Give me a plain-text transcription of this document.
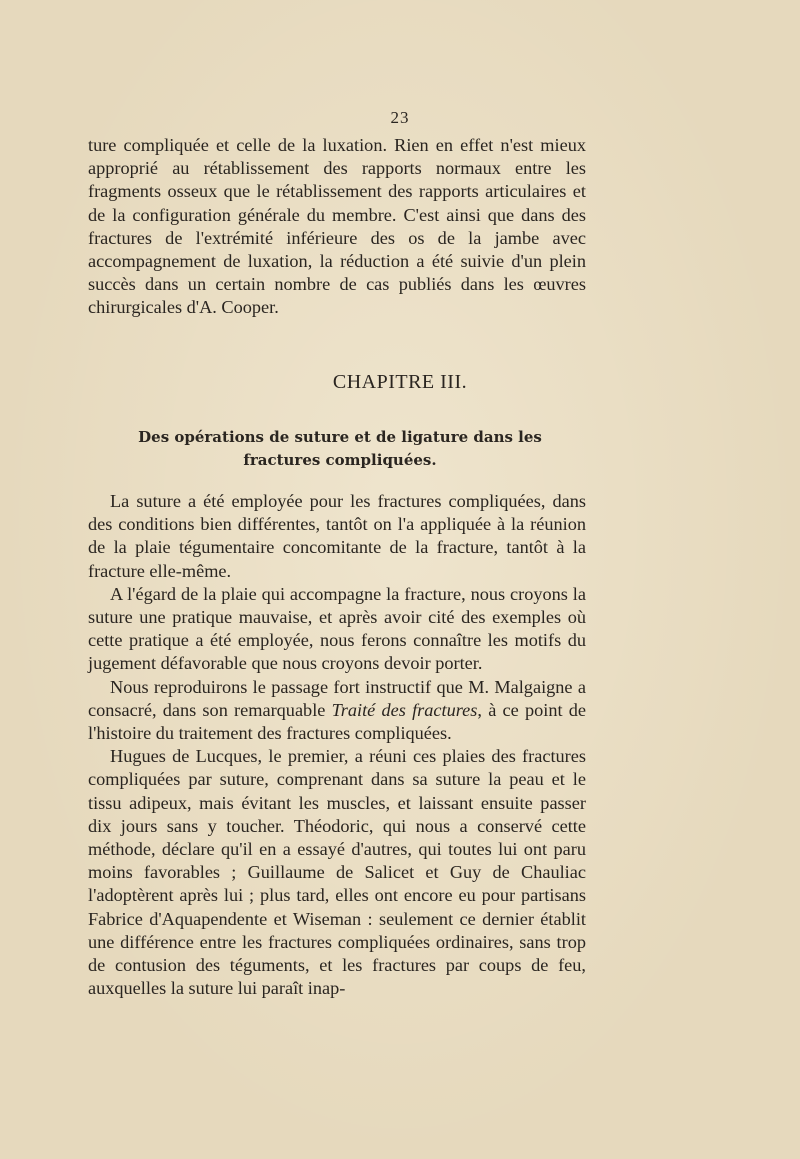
23

ture compliquée et celle de la luxation. Rien en effet n'est mieux approprié au rétablissement des rapports normaux entre les fragments osseux que le rétablissement des rapports articulaires et de la configuration générale du membre. C'est ainsi que dans des fractures de l'extrémité inférieure des os de la jambe avec accompagnement de luxation, la réduction a été suivie d'un plein succès dans un certain nombre de cas publiés dans les œuvres chirurgicales d'A. Cooper.

CHAPITRE III.
Des opérations de suture et de ligature dans les
fractures compliquées.

La suture a été employée pour les fractures compliquées, dans des conditions bien différentes, tantôt on l'a appliquée à la réunion de la plaie tégumentaire concomitante de la fracture, tantôt à la fracture elle-même.

A l'égard de la plaie qui accompagne la fracture, nous croyons la suture une pratique mauvaise, et après avoir cité des exemples où cette pratique a été employée, nous ferons connaître les motifs du jugement défavorable que nous croyons devoir porter.

Nous reproduirons le passage fort instructif que M. Malgaigne a consacré, dans son remarquable Traité des fractures, à ce point de l'histoire du traitement des fractures compliquées.

Hugues de Lucques, le premier, a réuni ces plaies des fractures compliquées par suture, comprenant dans sa suture la peau et le tissu adipeux, mais évitant les muscles, et laissant ensuite passer dix jours sans y toucher. Théodoric, qui nous a conservé cette méthode, déclare qu'il en a essayé d'autres, qui toutes lui ont paru moins favorables ; Guillaume de Salicet et Guy de Chauliac l'adoptèrent après lui ; plus tard, elles ont encore eu pour partisans Fabrice d'Aquapendente et Wiseman : seulement ce dernier établit une différence entre les fractures compliquées ordinaires, sans trop de contusion des téguments, et les fractures par coups de feu, auxquelles la suture lui paraît inap-
